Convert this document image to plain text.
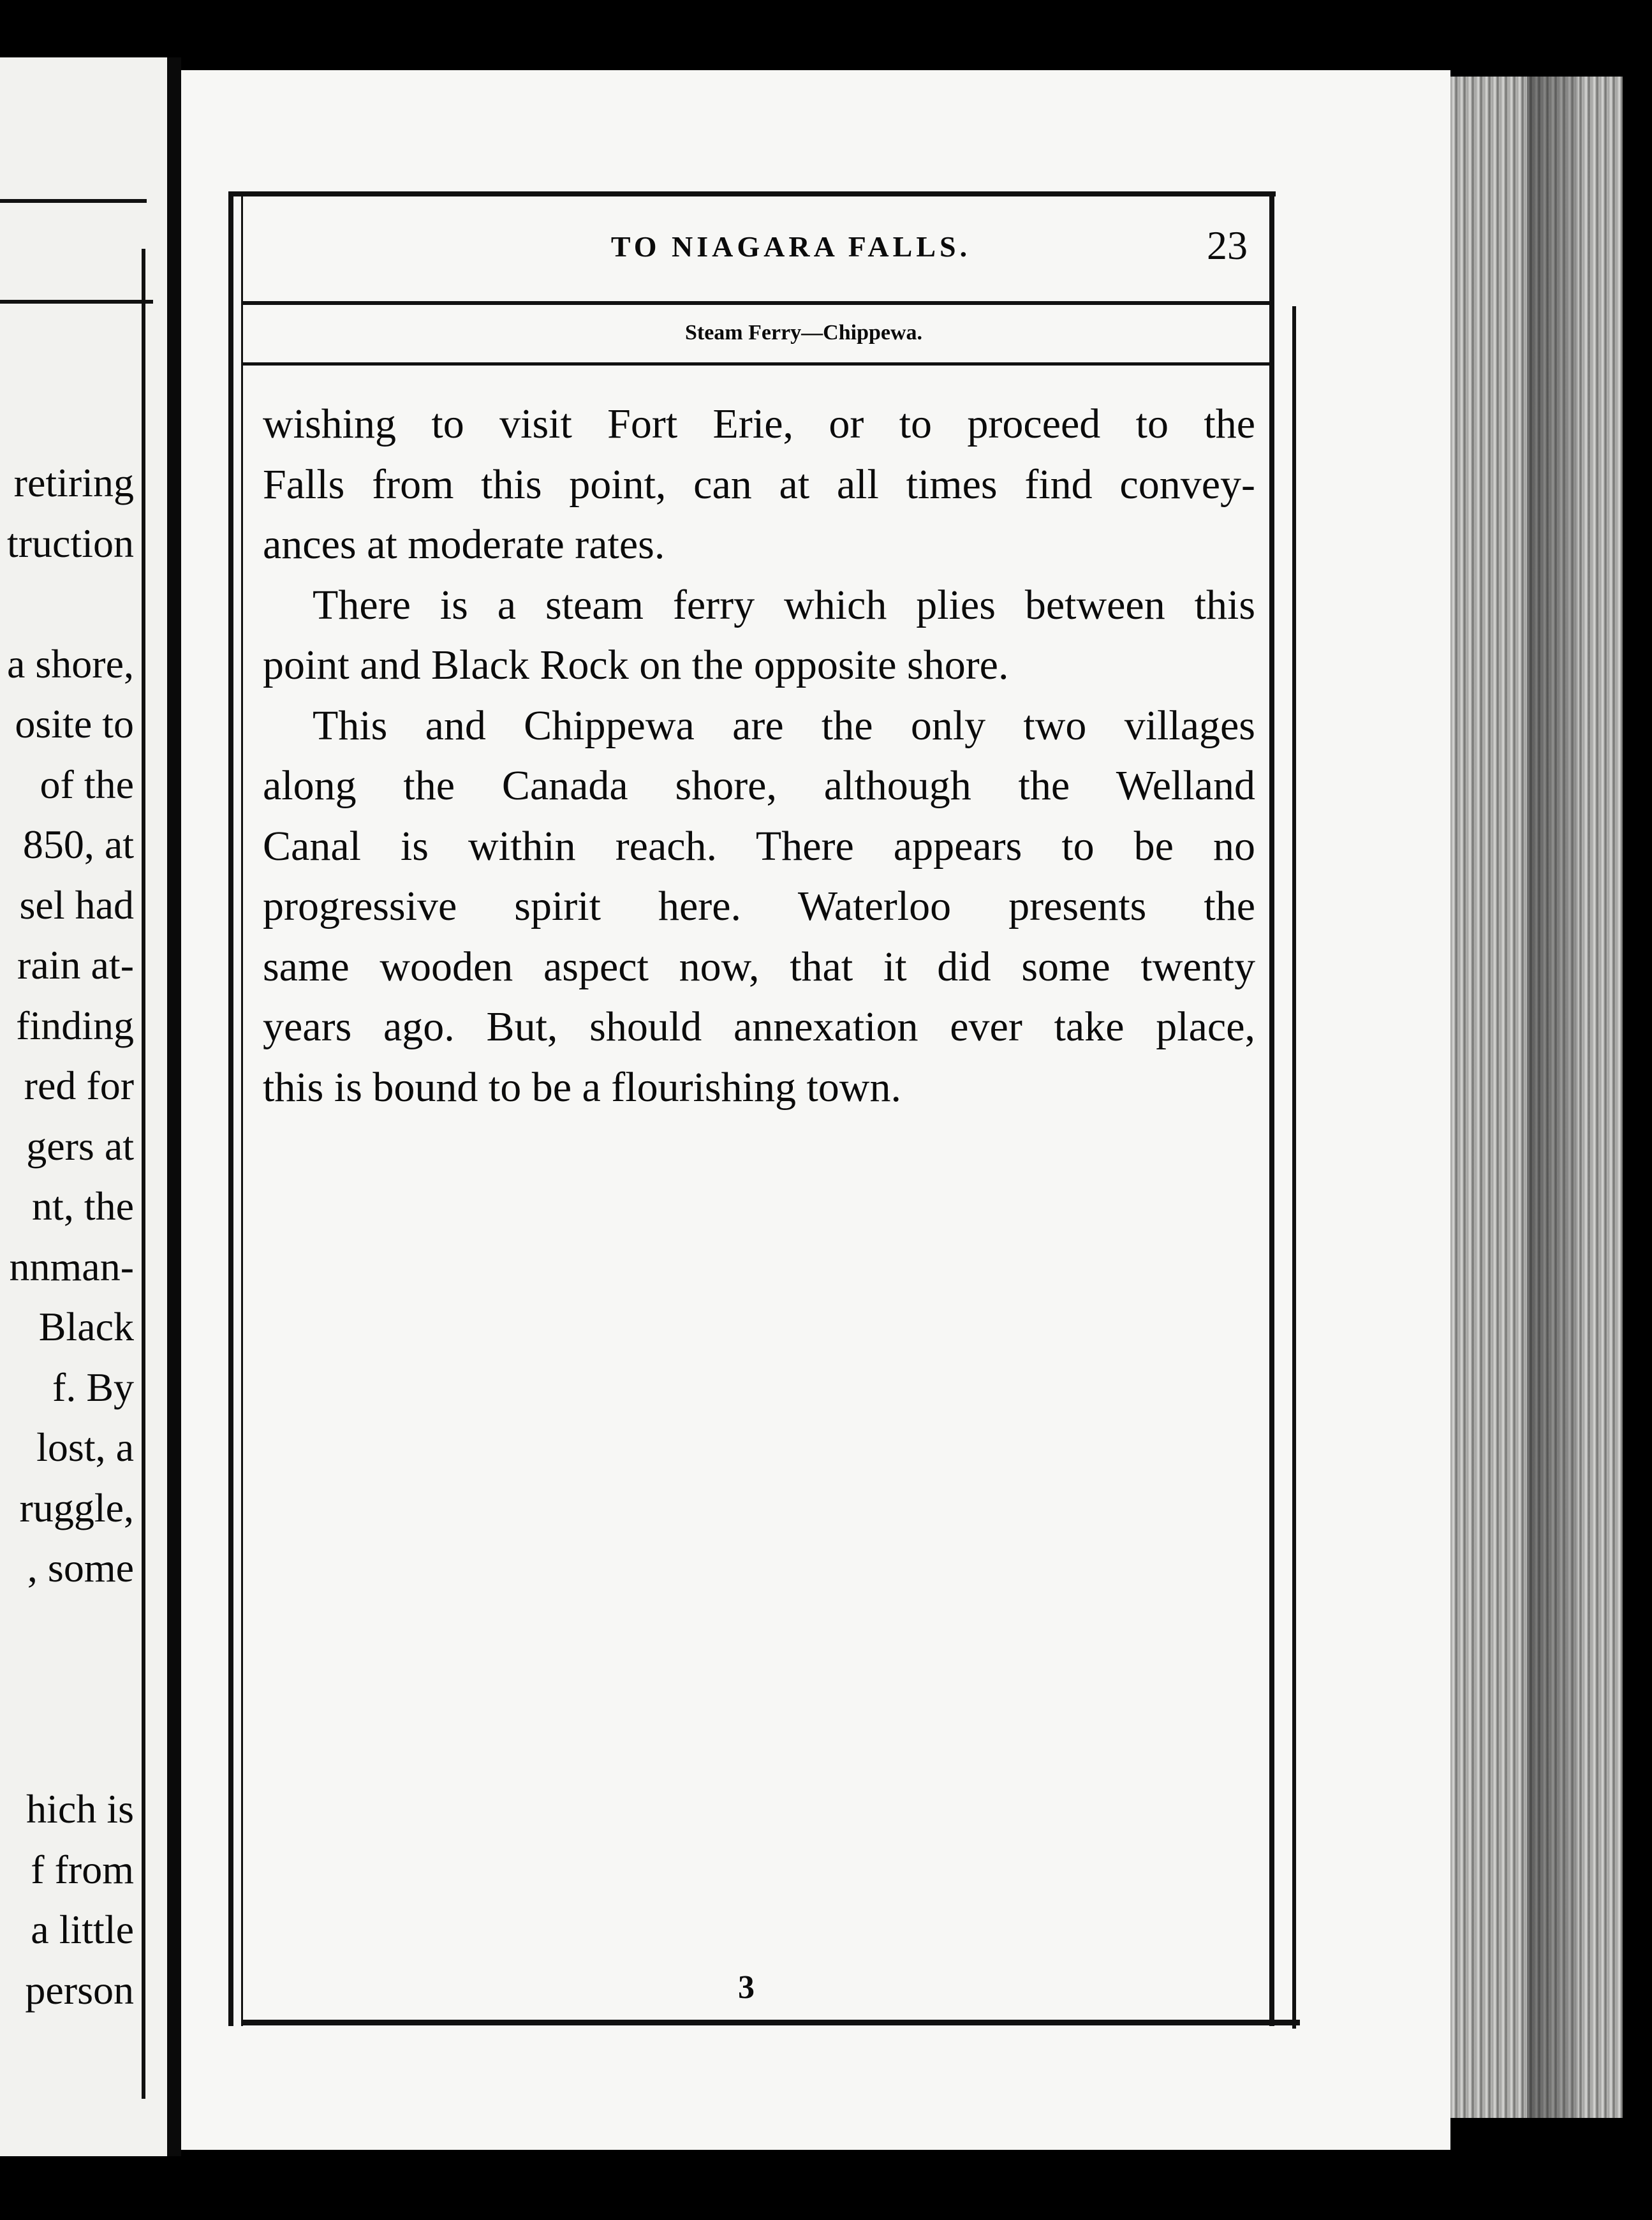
retiring
truction
a shore,
osite to
of the
850, at
sel had
rain at-
finding
red for
gers at
nt, the
nnman-
Black
f. By
lost, a
ruggle,
, some
hich is
f from
a little
person
TO NIAGARA FALLS.	23
Steam Ferry—Chippewa.
wishing to visit Fort Erie, or to proceed to the
Falls from this point, can at all times find convey-
ances at moderate rates.
There is a steam ferry which plies between this
point and Black Rock on the opposite shore.
This and Chippewa are the only two villages
along the Canada shore, although the Welland
Canal is within reach. There appears to be no
progressive spirit here. Waterloo presents the
same wooden aspect now, that it did some twenty
years ago. But, should annexation ever take place,
this is bound to be a flourishing town.
3
